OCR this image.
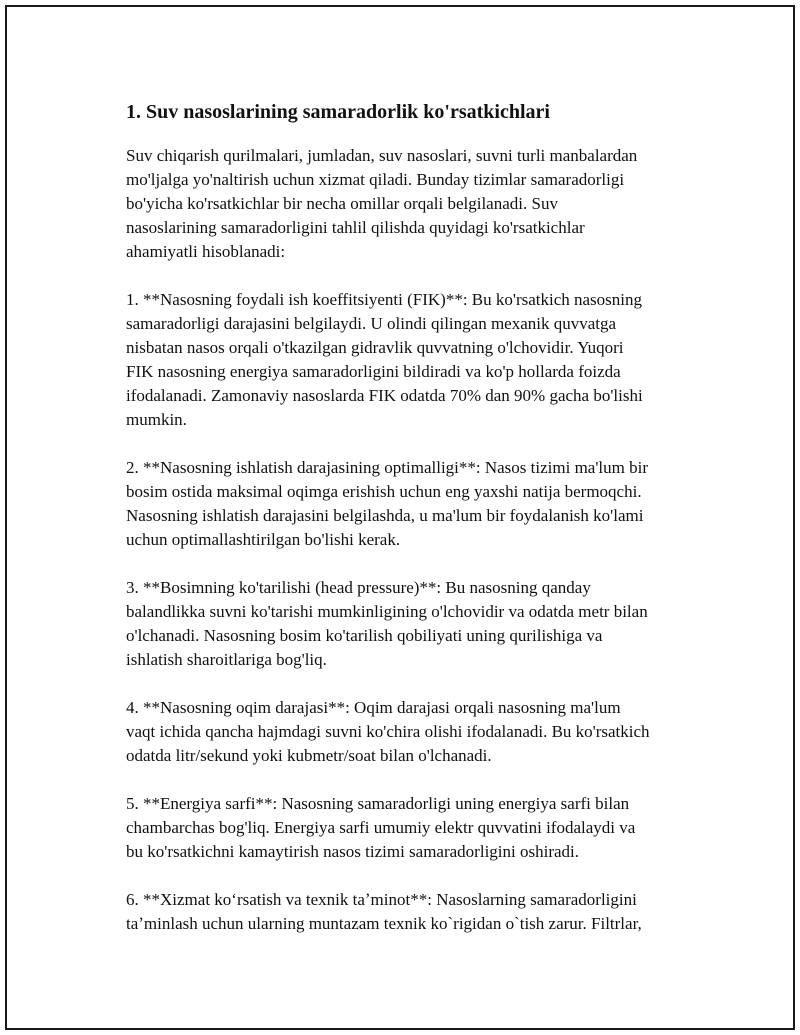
1. Suv nasoslarining samaradorlik ko'rsatkichlari

Suv chiqarish qurilmalari, jumladan, suv nasoslari, suvni turli manbalardan
mo'ljalga yo'naltirish uchun xizmat qiladi. Bunday tizimlar samaradorligi
bo'yicha ko'rsatkichlar bir necha omillar orqali belgilanadi. Suv
nasoslarining samaradorligini tahlil qilishda quyidagi ko'rsatkichlar
ahamiyatli hisoblanadi:

1. **Nasosning foydali ish koeffitsiyenti (FIK)**: Bu ko'rsatkich nasosning
samaradorligi darajasini belgilaydi. U olindi qilingan mexanik quvvatga
nisbatan nasos orqali o'tkazilgan gidravlik quvvatning o'lchovidir. Yuqori
FIK nasosning energiya samaradorligini bildiradi va ko'p hollarda foizda
ifodalanadi. Zamonaviy nasoslarda FIK odatda 70% dan 90% gacha bo'lishi
mumkin.

2. **Nasosning ishlatish darajasining optimalligi**: Nasos tizimi ma'lum bir
bosim ostida maksimal oqimga erishish uchun eng yaxshi natija bermoqchi.
Nasosning ishlatish darajasini belgilashda, u ma'lum bir foydalanish ko'lami
uchun optimallashtirilgan bo'lishi kerak.

3. **Bosimning ko'tarilishi (head pressure)**: Bu nasosning qanday
balandlikka suvni ko'tarishi mumkinligining o'lchovidir va odatda metr bilan
o'lchanadi. Nasosning bosim ko'tarilish qobiliyati uning qurilishiga va
ishlatish sharoitlariga bog'liq.

4. **Nasosning oqim darajasi**: Oqim darajasi orqali nasosning ma'lum
vaqt ichida qancha hajmdagi suvni ko'chira olishi ifodalanadi. Bu ko'rsatkich
odatda litr/sekund yoki kubmetr/soat bilan o'lchanadi.

5. **Energiya sarfi**: Nasosning samaradorligi uning energiya sarfi bilan
chambarchas bog'liq. Energiya sarfi umumiy elektr quvvatini ifodalaydi va
bu ko'rsatkichni kamaytirish nasos tizimi samaradorligini oshiradi.

6. **Xizmat koʻrsatish va texnik taʼminot**: Nasoslarning samaradorligini
taʼminlash uchun ularning muntazam texnik ko`rigidan o`tish zarur. Filtrlar,
